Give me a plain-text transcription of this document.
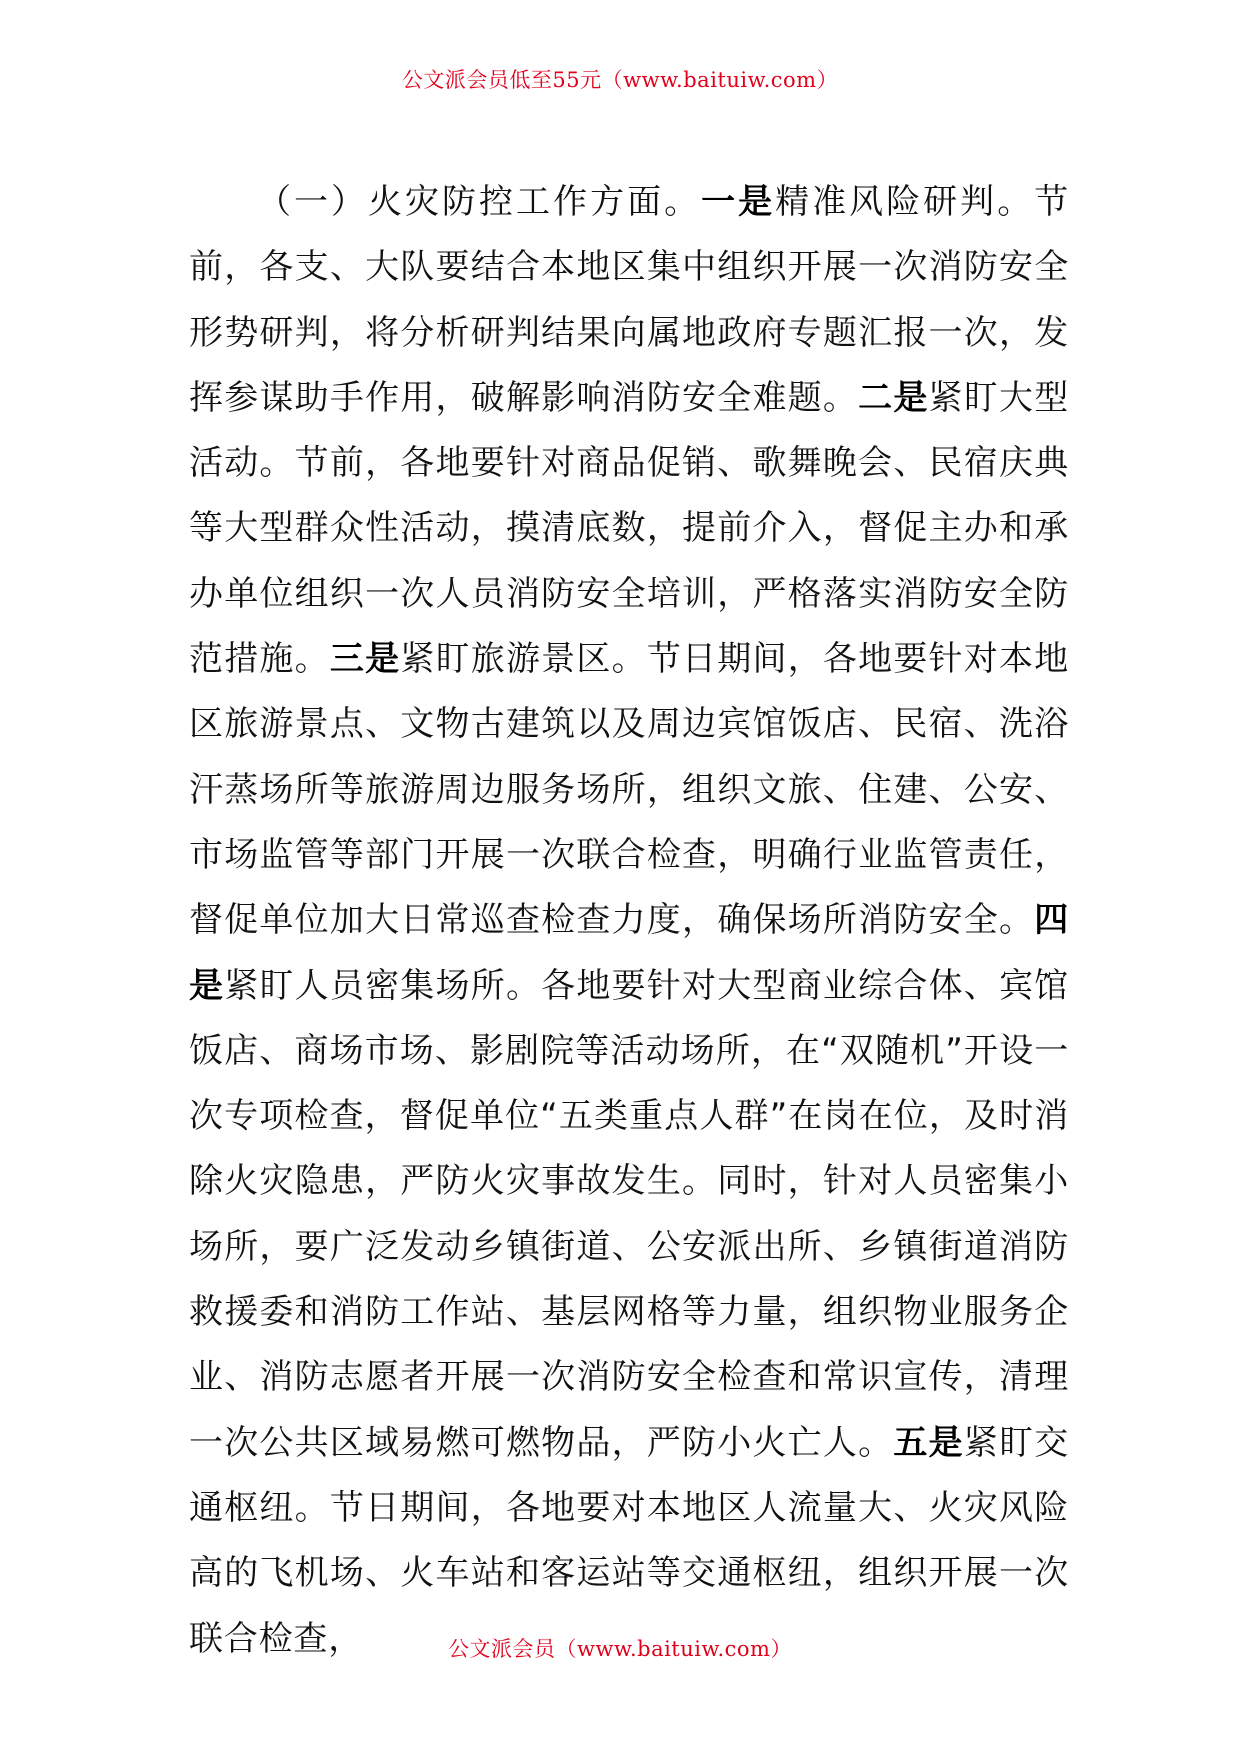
公文派会员低至55元（www.baituiw.com）

（一）火灾防控工作方面。一是精准风险研判。节前，各支、大队要结合本地区集中组织开展一次消防安全形势研判，将分析研判结果向属地政府专题汇报一次，发挥参谋助手作用，破解影响消防安全难题。二是紧盯大型活动。节前，各地要针对商品促销、歌舞晚会、民宿庆典等大型群众性活动，摸清底数，提前介入，督促主办和承办单位组织一次人员消防安全培训，严格落实消防安全防范措施。三是紧盯旅游景区。节日期间，各地要针对本地区旅游景点、文物古建筑以及周边宾馆饭店、民宿、洗浴汗蒸场所等旅游周边服务场所，组织文旅、住建、公安、市场监管等部门开展一次联合检查，明确行业监管责任，督促单位加大日常巡查检查力度，确保场所消防安全。四是紧盯人员密集场所。各地要针对大型商业综合体、宾馆饭店、商场市场、影剧院等活动场所，在“双随机”开设一次专项检查，督促单位“五类重点人群”在岗在位，及时消除火灾隐患，严防火灾事故发生。同时，针对人员密集小场所，要广泛发动乡镇街道、公安派出所、乡镇街道消防救援委和消防工作站、基层网格等力量，组织物业服务企业、消防志愿者开展一次消防安全检查和常识宣传，清理一次公共区域易燃可燃物品，严防小火亡人。五是紧盯交通枢纽。节日期间，各地要对本地区人流量大、火灾风险高的飞机场、火车站和客运站等交通枢纽，组织开展一次联合检查，	公文派会员（www.baituiw.com）
